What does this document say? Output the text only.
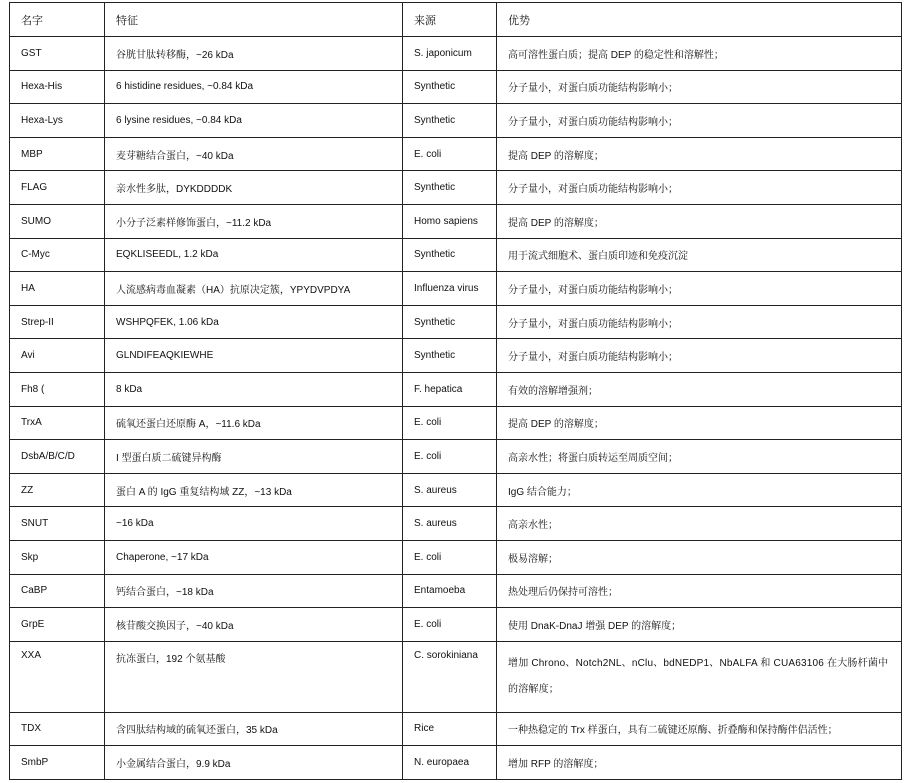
名字	特征	来源	优势
GST	谷胱甘肽转移酶，~26 kDa	S. japonicum	高可溶性蛋白质；提高 DEP 的稳定性和溶解性；
Hexa-His	6 histidine residues, ~0.84 kDa	Synthetic	分子量小，对蛋白质功能结构影响小；
Hexa-Lys	6 lysine residues, ~0.84 kDa	Synthetic	分子量小，对蛋白质功能结构影响小；
MBP	麦芽糖结合蛋白，~40 kDa	E. coli	提高 DEP 的溶解度；
FLAG	亲水性多肽，DYKDDDDK	Synthetic	分子量小，对蛋白质功能结构影响小；
SUMO	小分子泛素样修饰蛋白，~11.2 kDa	Homo sapiens	提高 DEP 的溶解度；
C-Myc	EQKLISEEDL, 1.2 kDa	Synthetic	用于流式细胞术、蛋白质印迹和免疫沉淀
HA	人流感病毒血凝素（HA）抗原决定簇，YPYDVPDYA	Influenza virus	分子量小，对蛋白质功能结构影响小；
Strep-II	WSHPQFEK, 1.06 kDa	Synthetic	分子量小，对蛋白质功能结构影响小；
Avi	GLNDIFEAQKIEWHE	Synthetic	分子量小，对蛋白质功能结构影响小；
Fh8 (	8 kDa	F. hepatica	有效的溶解增强剂；
TrxA	硫氧还蛋白还原酶 A，~11.6 kDa	E. coli	提高 DEP 的溶解度；
DsbA/B/C/D	I 型蛋白质二硫键异构酶	E. coli	高亲水性；将蛋白质转运至周质空间；
ZZ	蛋白 A 的 IgG 重复结构域 ZZ，~13 kDa	S. aureus	IgG 结合能力；
SNUT	~16 kDa	S. aureus	高亲水性；
Skp	Chaperone, ~17 kDa	E. coli	极易溶解；
CaBP	钙结合蛋白，~18 kDa	Entamoeba	热处理后仍保持可溶性；
GrpE	核苷酸交换因子，~40 kDa	E. coli	使用 DnaK-DnaJ 增强 DEP 的溶解度；
XXA	抗冻蛋白，192 个氨基酸	C. sorokiniana	增加 Chrono、Notch2NL、nClu、bdNEDP1、NbALFA 和 CUA63106 在大肠杆菌中的溶解度；
TDX	含四肽结构域的硫氧还蛋白，35 kDa	Rice	一种热稳定的 Trx 样蛋白，具有二硫键还原酶、折叠酶和保持酶伴侣活性；
SmbP	小金属结合蛋白，9.9 kDa	N. europaea	增加 RFP 的溶解度；
